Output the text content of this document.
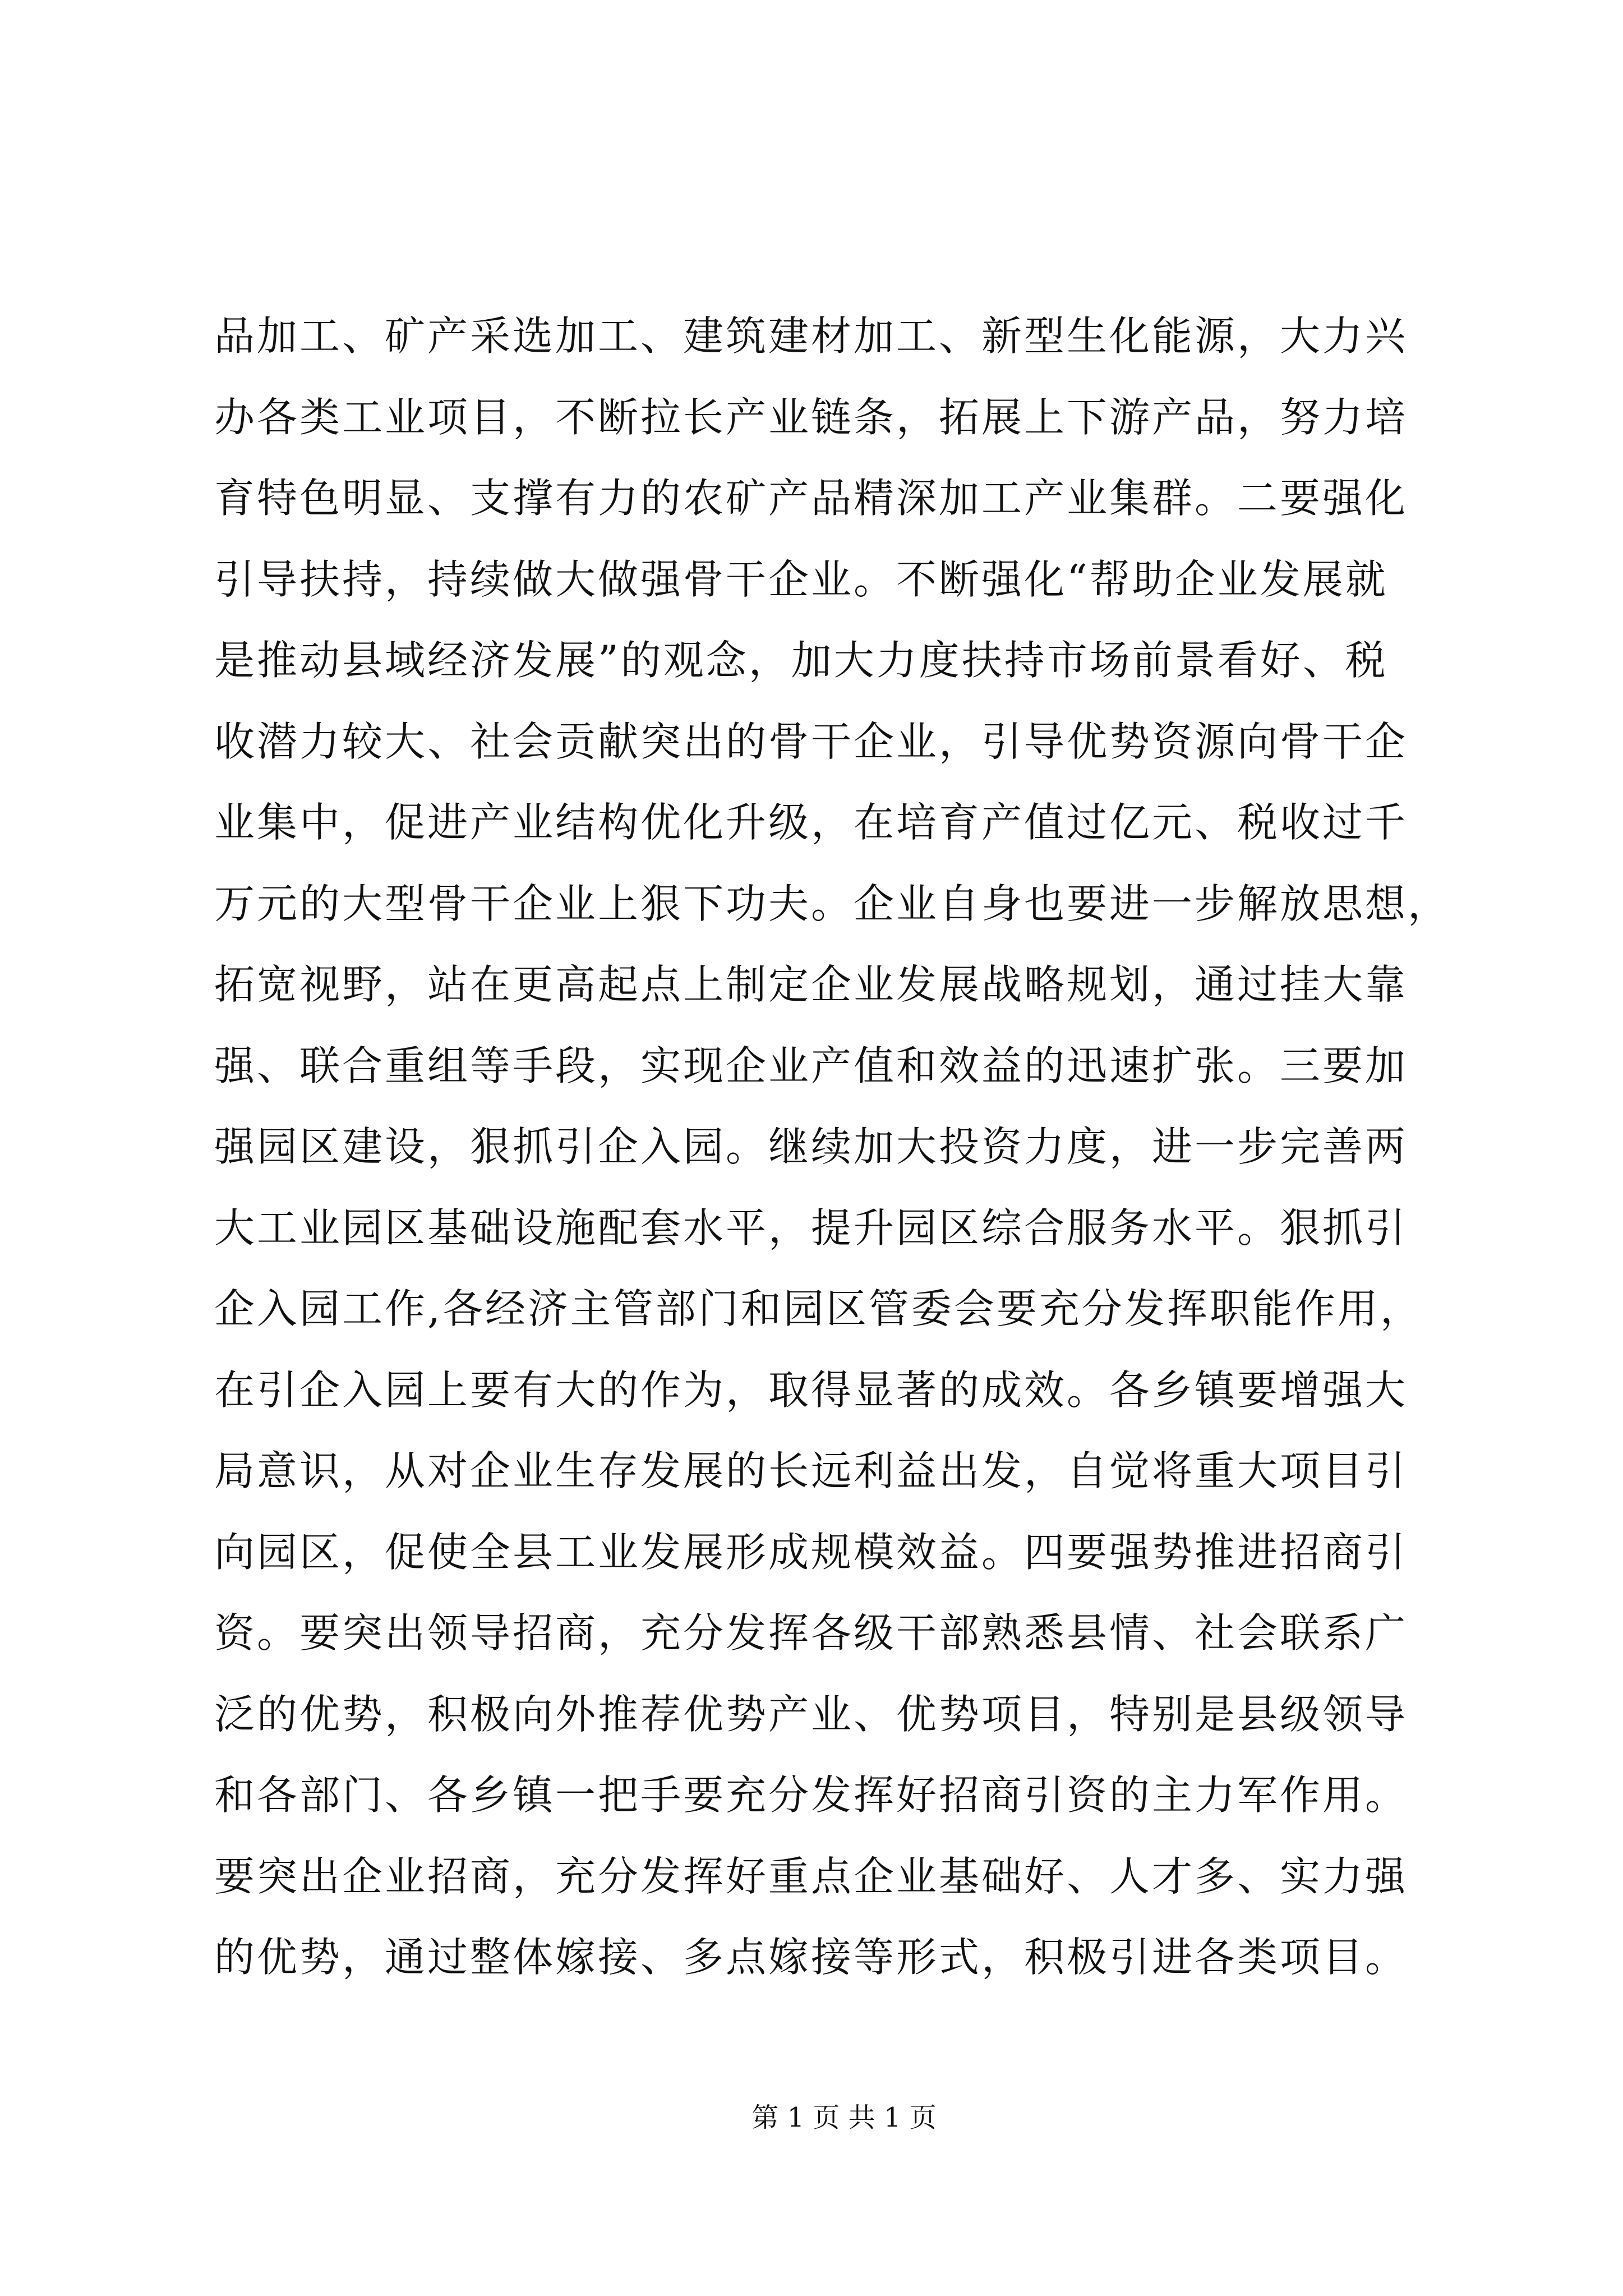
品加工、矿产采选加工、建筑建材加工、新型生化能源，大力兴
办各类工业项目，不断拉长产业链条，拓展上下游产品，努力培
育特色明显、支撑有力的农矿产品精深加工产业集群。二要强化
引导扶持，持续做大做强骨干企业。不断强化“帮助企业发展就
是推动县域经济发展”的观念，加大力度扶持市场前景看好、税
收潜力较大、社会贡献突出的骨干企业，引导优势资源向骨干企
业集中，促进产业结构优化升级，在培育产值过亿元、税收过千
万元的大型骨干企业上狠下功夫。企业自身也要进一步解放思想，
拓宽视野，站在更高起点上制定企业发展战略规划，通过挂大靠
强、联合重组等手段，实现企业产值和效益的迅速扩张。三要加
强园区建设，狠抓引企入园。继续加大投资力度，进一步完善两
大工业园区基础设施配套水平，提升园区综合服务水平。狠抓引
企入园工作,各经济主管部门和园区管委会要充分发挥职能作用，
在引企入园上要有大的作为，取得显著的成效。各乡镇要增强大
局意识，从对企业生存发展的长远利益出发，自觉将重大项目引
向园区，促使全县工业发展形成规模效益。四要强势推进招商引
资。要突出领导招商，充分发挥各级干部熟悉县情、社会联系广
泛的优势，积极向外推荐优势产业、优势项目，特别是县级领导
和各部门、各乡镇一把手要充分发挥好招商引资的主力军作用。
要突出企业招商，充分发挥好重点企业基础好、人才多、实力强
的优势，通过整体嫁接、多点嫁接等形式，积极引进各类项目。
第 1 页 共 1 页
